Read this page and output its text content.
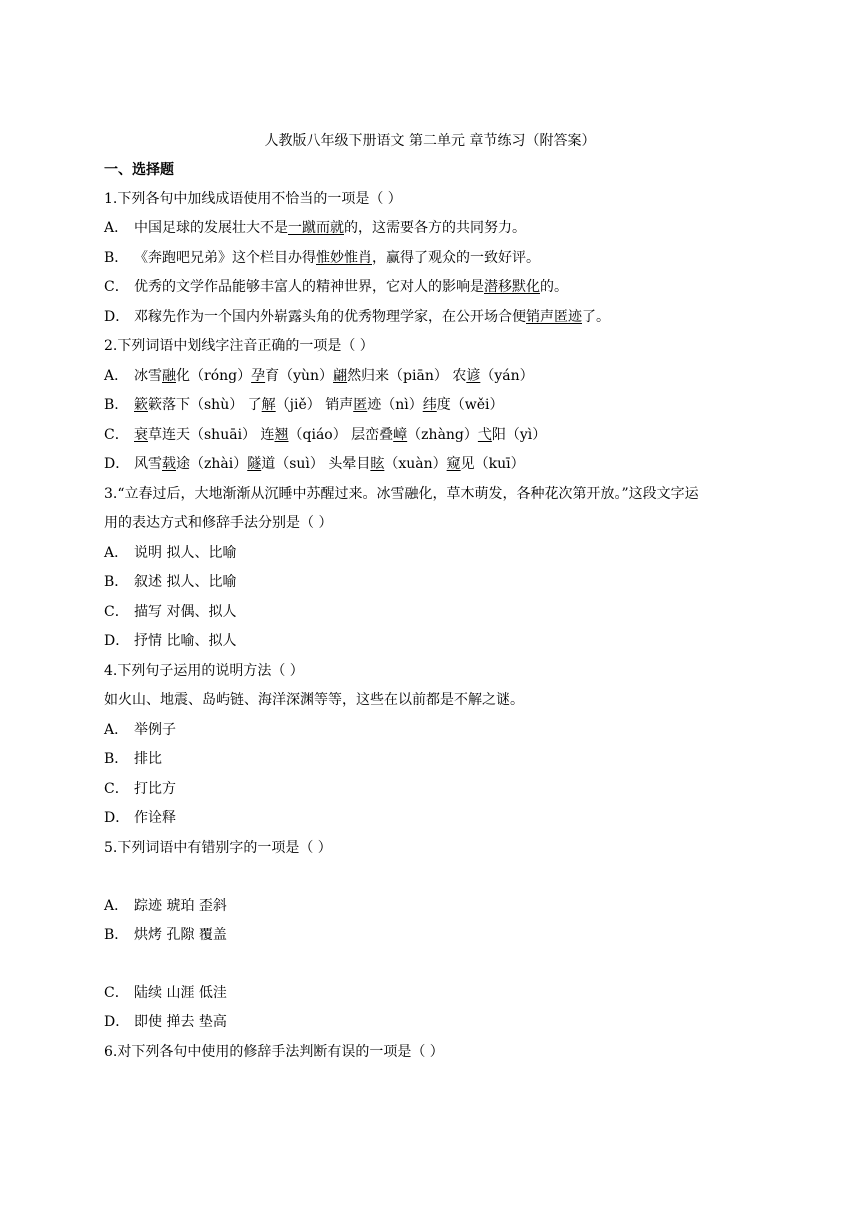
人教版八年级下册语文 第二单元 章节练习（附答案）
一、选择题
1.下列各句中加线成语使用不恰当的一项是（ ）
A． 中国足球的发展壮大不是一蹴而就的，这需要各方的共同努力。
B． 《奔跑吧兄弟》这个栏目办得惟妙惟肖，赢得了观众的一致好评。
C． 优秀的文学作品能够丰富人的精神世界，它对人的影响是潜移默化的。
D． 邓稼先作为一个国内外崭露头角的优秀物理学家，在公开场合便销声匿迹了。
2.下列词语中划线字注音正确的一项是（ ）
A． 冰雪融化（róng）孕育（yùn）翩然归来（piān） 农谚（yán）
B. 簌簌落下（shù） 了解（jiě） 销声匿迹（nì）纬度（wěi）
C． 衰草连天（shuāi） 连翘（qiáo） 层峦叠嶂（zhàng）弋阳（yì）
D． 风雪载途（zhài）隧道（suì） 头晕目眩（xuàn）窥见（kuī）
3.“立春过后，大地渐渐从沉睡中苏醒过来。冰雪融化，草木萌发，各种花次第开放。”这段文字运
用的表达方式和修辞手法分别是（ ）
A． 说明 拟人、比喻
B． 叙述 拟人、比喻
C． 描写 对偶、拟人
D． 抒情 比喻、拟人
4.下列句子运用的说明方法（ ）
如火山、地震、岛屿链、海洋深渊等等，这些在以前都是不解之谜。
A． 举例子
B． 排比
C． 打比方
D． 作诠释
5.下列词语中有错别字的一项是（ ）
A． 踪迹 琥珀 歪斜
B． 烘烤 孔隙 覆盖
C． 陆续 山涯 低洼
D． 即使 掸去 垫高
6.对下列各句中使用的修辞手法判断有误的一项是（ ）
